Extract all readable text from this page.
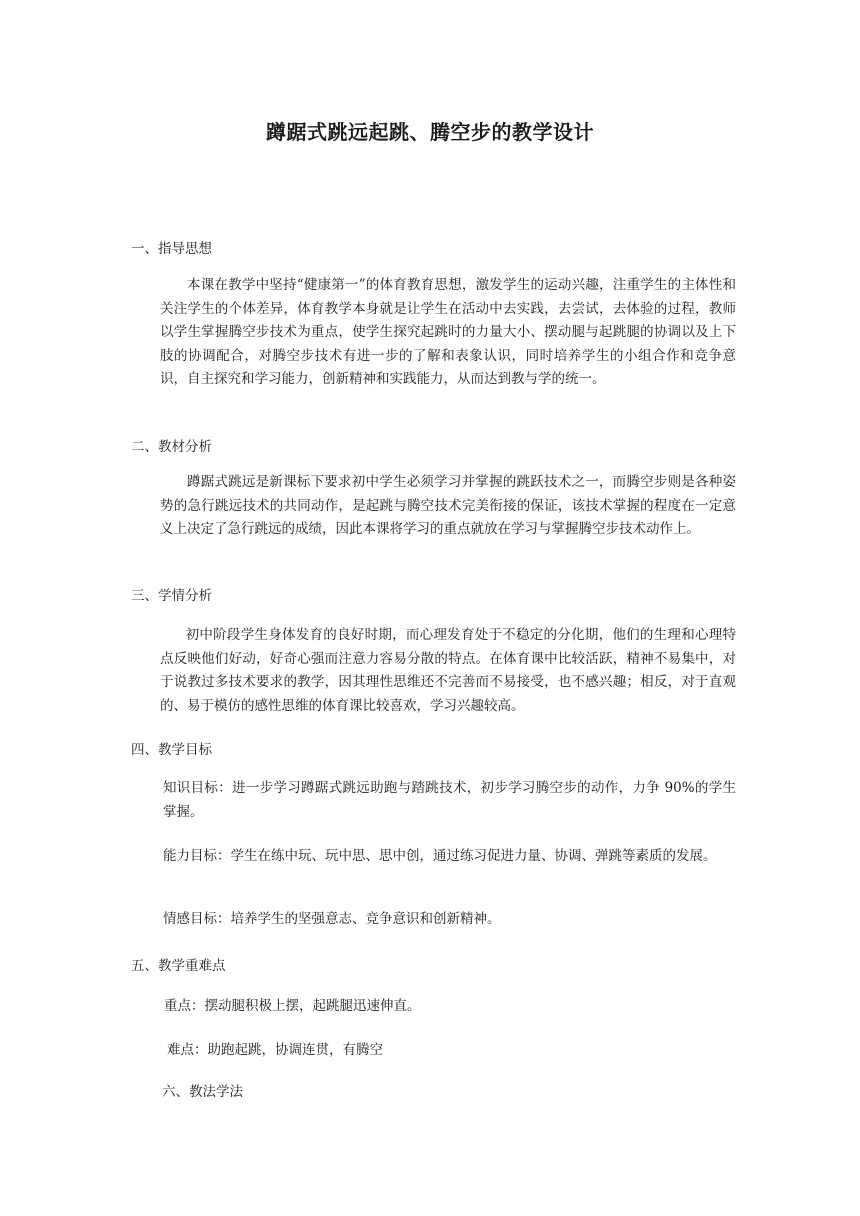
蹲踞式跳远起跳、腾空步的教学设计

一、指导思想

本课在教学中坚持“健康第一”的体育教育思想，激发学生的运动兴趣，注重学生的主体性和关注学生的个体差异，体育教学本身就是让学生在活动中去实践，去尝试，去体验的过程，教师以学生掌握腾空步技术为重点，使学生探究起跳时的力量大小、摆动腿与起跳腿的协调以及上下肢的协调配合，对腾空步技术有进一步的了解和表象认识，同时培养学生的小组合作和竞争意识，自主探究和学习能力，创新精神和实践能力，从而达到教与学的统一。

二、教材分析

蹲踞式跳远是新课标下要求初中学生必须学习并掌握的跳跃技术之一，而腾空步则是各种姿势的急行跳远技术的共同动作，是起跳与腾空技术完美衔接的保证，该技术掌握的程度在一定意义上决定了急行跳远的成绩，因此本课将学习的重点就放在学习与掌握腾空步技术动作上。

三、学情分析

初中阶段学生身体发育的良好时期，而心理发育处于不稳定的分化期，他们的生理和心理特点反映他们好动，好奇心强而注意力容易分散的特点。在体育课中比较活跃，精神不易集中，对于说教过多技术要求的教学，因其理性思维还不完善而不易接受，也不感兴趣；相反，对于直观的、易于模仿的感性思维的体育课比较喜欢，学习兴趣较高。

四、教学目标

知识目标：进一步学习蹲踞式跳远助跑与踏跳技术，初步学习腾空步的动作，力争 90%的学生掌握。

能力目标：学生在练中玩、玩中思、思中创，通过练习促进力量、协调、弹跳等素质的发展。

情感目标：培养学生的坚强意志、竞争意识和创新精神。

五、教学重难点

重点：摆动腿积极上摆，起跳腿迅速伸直。

难点：助跑起跳，协调连贯，有腾空

六、教法学法
